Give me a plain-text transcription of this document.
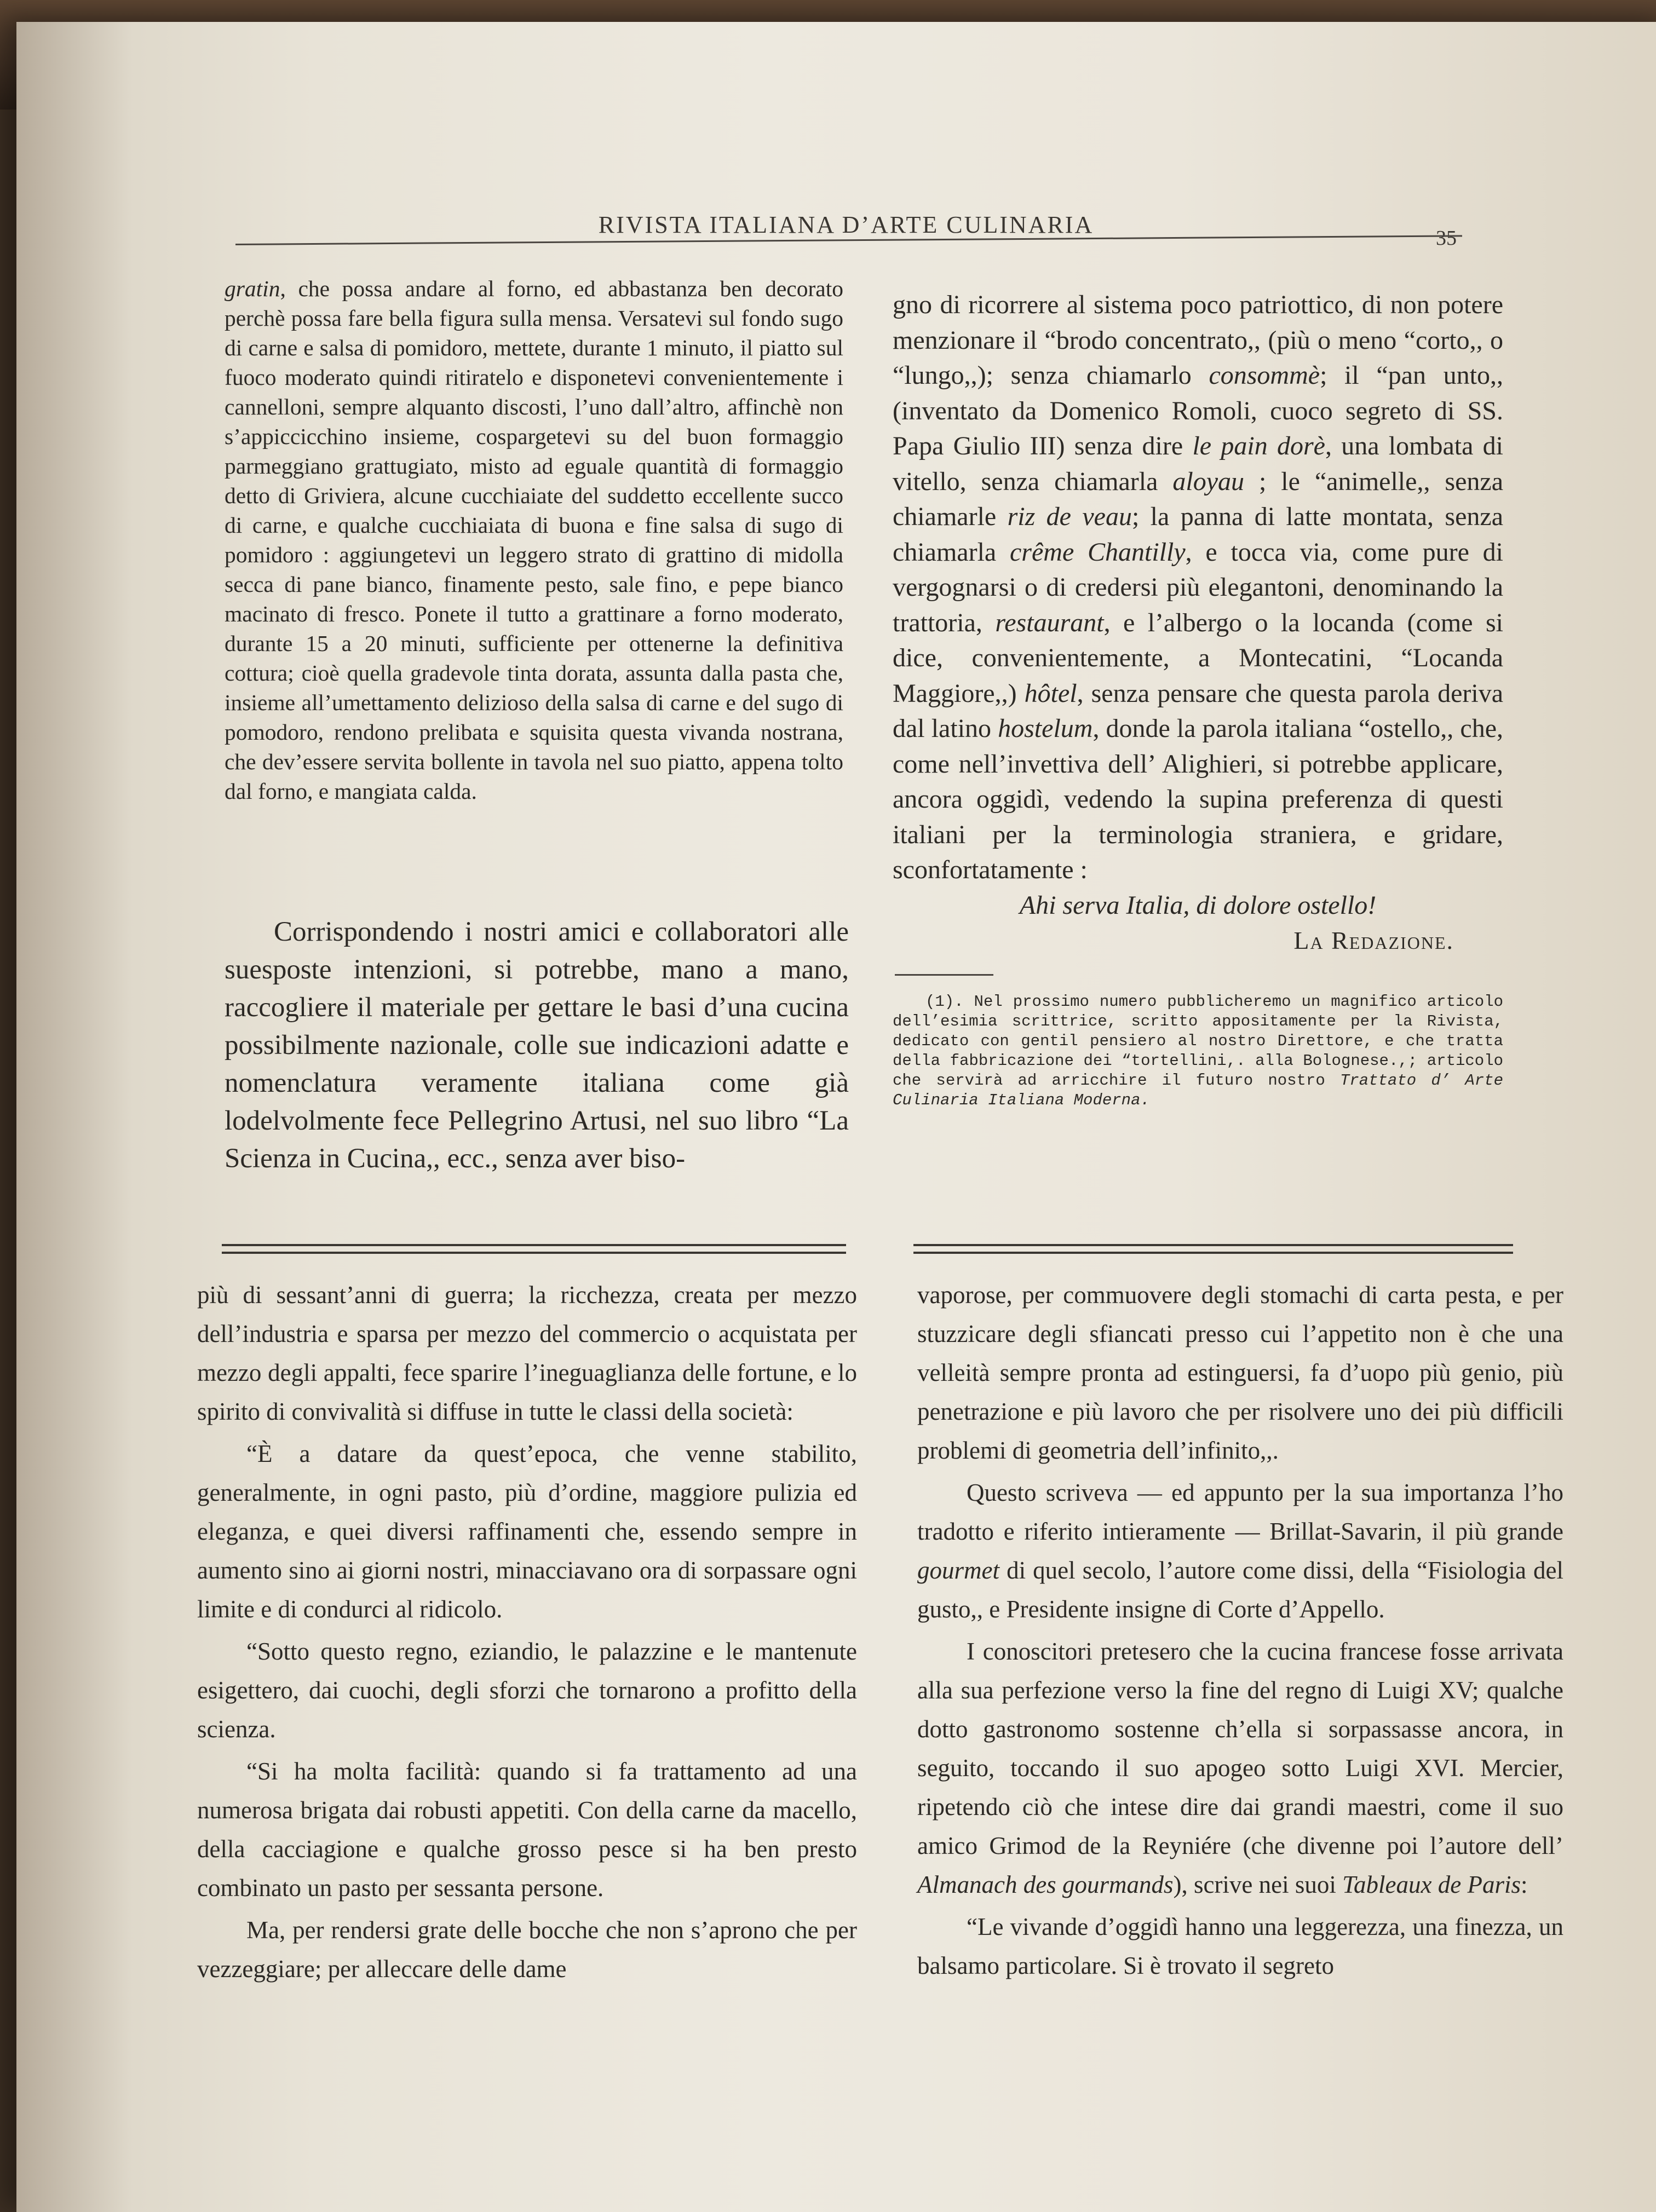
RIVISTA ITALIANA D’ARTE CULINARIA	35

gratin, che possa andare al forno, ed abbastanza ben decorato perchè possa fare bella figura sulla mensa. Versatevi sul fondo sugo di carne e salsa di pomidoro, mettete, durante 1 minuto, il piatto sul fuoco moderato quindi ritiratelo e disponetevi convenientemente i cannelloni, sempre alquanto discosti, l’uno dall’altro, affinchè non s’appiccicchino insieme, cospargetevi su del buon formaggio parmeggiano grattugiato, misto ad eguale quantità di formaggio detto di Griviera, alcune cucchiaiate del suddetto eccellente succo di carne, e qualche cucchiaiata di buona e fine salsa di sugo di pomidoro : aggiungetevi un leggero strato di grattino di midolla secca di pane bianco, finamente pesto, sale fino, e pepe bianco macinato di fresco. Ponete il tutto a grattinare a forno moderato, durante 15 a 20 minuti, sufficiente per ottenerne la definitiva cottura; cioè quella gradevole tinta dorata, assunta dalla pasta che, insieme all’umettamento delizioso della salsa di carne e del sugo di pomodoro, rendono prelibata e squisita questa vivanda nostrana, che dev’essere servita bollente in tavola nel suo piatto, appena tolto dal forno, e mangiata calda.

Corrispondendo i nostri amici e collaboratori alle suesposte intenzioni, si potrebbe, mano a mano, raccogliere il materiale per gettare le basi d’una cucina possibilmente nazionale, colle sue indicazioni adatte e nomenclatura veramente italiana come già lodelvolmente fece Pellegrino Artusi, nel suo libro “La Scienza in Cucina,, ecc., senza aver biso-

gno di ricorrere al sistema poco patriottico, di non potere menzionare il “brodo concentrato,, (più o meno “corto,, o “lungo,,); senza chiamarlo consommè; il “pan unto,, (inventato da Domenico Romoli, cuoco segreto di SS. Papa Giulio III) senza dire le pain dorè, una lombata di vitello, senza chiamarla aloyau ; le “animelle,, senza chiamarle riz de veau; la panna di latte montata, senza chiamarla crême Chantilly, e tocca via, come pure di vergognarsi o di credersi più elegantoni, denominando la trattoria, restaurant, e l’albergo o la locanda (come si dice, convenientemente, a Montecatini, “Locanda Maggiore,,) hôtel, senza pensare che questa parola deriva dal latino hostelum, donde la parola italiana “ostello,, che, come nell’invettiva dell’ Alighieri, si potrebbe applicare, ancora oggidì, vedendo la supina preferenza di questi italiani per la terminologia straniera, e gridare, sconfortatamente :

Ahi serva Italia, di dolore ostello!

La Redazione.

(1). Nel prossimo numero pubblicheremo un magnifico articolo dell’esimia scrittrice, scritto appositamente per la Rivista, dedicato con gentil pensiero al nostro Direttore, e che tratta della fabbricazione dei “tortellini,. alla Bolognese.,; articolo che servirà ad arricchire il futuro nostro Trattato d’ Arte Culinaria Italiana Moderna.

più di sessant’anni di guerra; la ricchezza, creata per mezzo dell’industria e sparsa per mezzo del commercio o acquistata per mezzo degli appalti, fece sparire l’ineguaglianza delle fortune, e lo spirito di convivalità si diffuse in tutte le classi della società:

“È a datare da quest’epoca, che venne stabilito, generalmente, in ogni pasto, più d’ordine, maggiore pulizia ed eleganza, e quei diversi raffinamenti che, essendo sempre in aumento sino ai giorni nostri, minacciavano ora di sorpassare ogni limite e di condurci al ridicolo.

“Sotto questo regno, eziandio, le palazzine e le mantenute esigettero, dai cuochi, degli sforzi che tornarono a profitto della scienza.

“Si ha molta facilità: quando si fa trattamento ad una numerosa brigata dai robusti appetiti. Con della carne da macello, della cacciagione e qualche grosso pesce si ha ben presto combinato un pasto per sessanta persone.

Ma, per rendersi grate delle bocche che non s’aprono che per vezzeggiare; per alleccare delle dame

vaporose, per commuovere degli stomachi di carta pesta, e per stuzzicare degli sfiancati presso cui l’appetito non è che una velleità sempre pronta ad estinguersi, fa d’uopo più genio, più penetrazione e più lavoro che per risolvere uno dei più difficili problemi di geometria dell’infinito,,.

Questo scriveva — ed appunto per la sua importanza l’ho tradotto e riferito intieramente — Brillat-Savarin, il più grande gourmet di quel secolo, l’autore come dissi, della “Fisiologia del gusto,, e Presidente insigne di Corte d’Appello.

I conoscitori pretesero che la cucina francese fosse arrivata alla sua perfezione verso la fine del regno di Luigi XV; qualche dotto gastronomo sostenne ch’ella si sorpassasse ancora, in seguito, toccando il suo apogeo sotto Luigi XVI. Mercier, ripetendo ciò che intese dire dai grandi maestri, come il suo amico Grimod de la Reyniére (che divenne poi l’autore dell’ Almanach des gourmands), scrive nei suoi Tableaux de Paris:

“Le vivande d’oggidì hanno una leggerezza, una finezza, un balsamo particolare. Si è trovato il segreto
